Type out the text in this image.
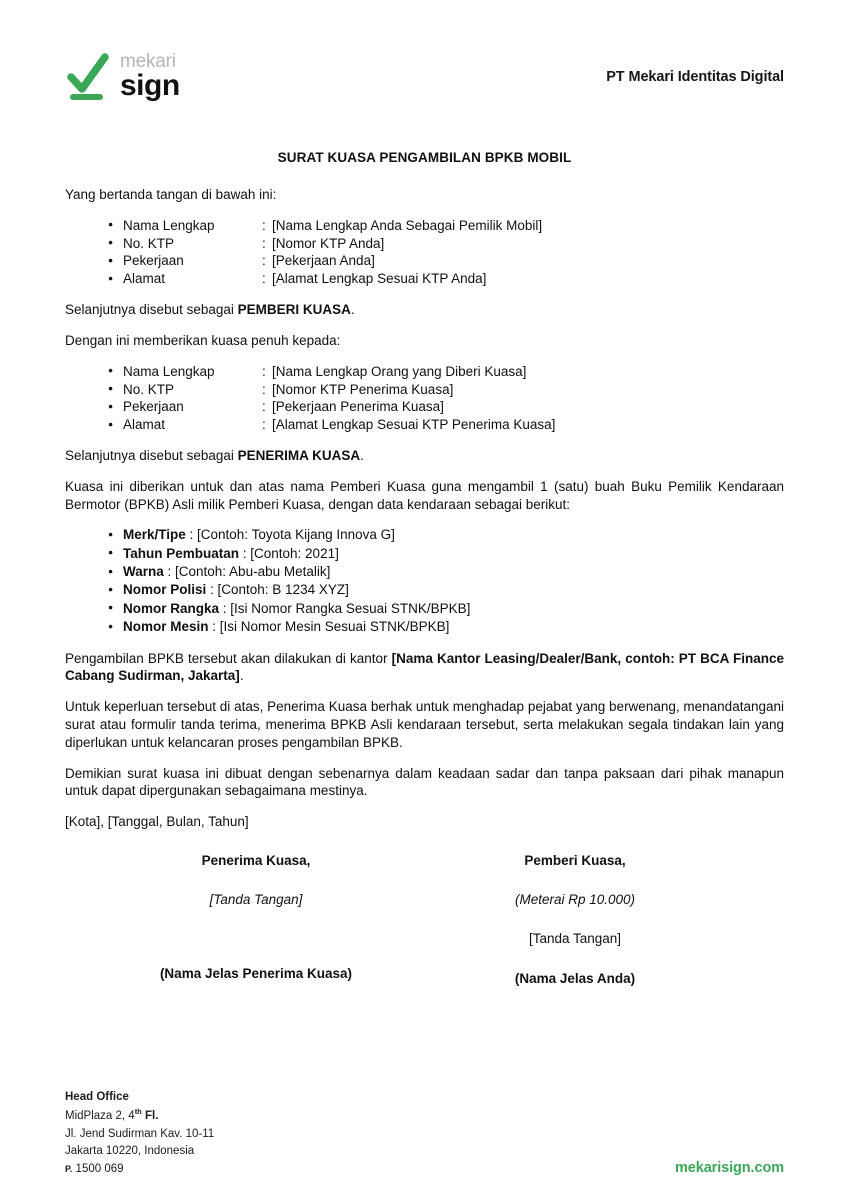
mekari
sign	PT Mekari Identitas Digital
SURAT KUASA PENGAMBILAN BPKB MOBIL

Yang bertanda tangan di bawah ini:

● Nama Lengkap	: [Nama Lengkap Anda Sebagai Pemilik Mobil]
● No. KTP	: [Nomor KTP Anda]
● Pekerjaan	: [Pekerjaan Anda]
● Alamat	: [Alamat Lengkap Sesuai KTP Anda]

Selanjutnya disebut sebagai PEMBERI KUASA.

Dengan ini memberikan kuasa penuh kepada:

● Nama Lengkap	: [Nama Lengkap Orang yang Diberi Kuasa]
● No. KTP	: [Nomor KTP Penerima Kuasa]
● Pekerjaan	: [Pekerjaan Penerima Kuasa]
● Alamat	: [Alamat Lengkap Sesuai KTP Penerima Kuasa]

Selanjutnya disebut sebagai PENERIMA KUASA.

Kuasa ini diberikan untuk dan atas nama Pemberi Kuasa guna mengambil 1 (satu) buah Buku Pemilik Kendaraan Bermotor (BPKB) Asli milik Pemberi Kuasa, dengan data kendaraan sebagai berikut:

● Merk/Tipe : [Contoh: Toyota Kijang Innova G]
● Tahun Pembuatan : [Contoh: 2021]
● Warna : [Contoh: Abu-abu Metalik]
● Nomor Polisi : [Contoh: B 1234 XYZ]
● Nomor Rangka : [Isi Nomor Rangka Sesuai STNK/BPKB]
● Nomor Mesin : [Isi Nomor Mesin Sesuai STNK/BPKB]

Pengambilan BPKB tersebut akan dilakukan di kantor [Nama Kantor Leasing/Dealer/Bank, contoh: PT BCA Finance Cabang Sudirman, Jakarta].

Untuk keperluan tersebut di atas, Penerima Kuasa berhak untuk menghadap pejabat yang berwenang, menandatangani surat atau formulir tanda terima, menerima BPKB Asli kendaraan tersebut, serta melakukan segala tindakan lain yang diperlukan untuk kelancaran proses pengambilan BPKB.

Demikian surat kuasa ini dibuat dengan sebenarnya dalam keadaan sadar dan tanpa paksaan dari pihak manapun untuk dapat dipergunakan sebagaimana mestinya.

[Kota], [Tanggal, Bulan, Tahun]
Penerima Kuasa,
[Tanda Tangan]
(Nama Jelas Penerima Kuasa)
Pemberi Kuasa,
(Meterai Rp 10.000)
[Tanda Tangan]
(Nama Jelas Anda)
Head Office
MidPlaza 2, 4th Fl.
Jl. Jend Sudirman Kav. 10-11
Jakarta 10220, Indonesia
P. 1500 069	mekarisign.com
